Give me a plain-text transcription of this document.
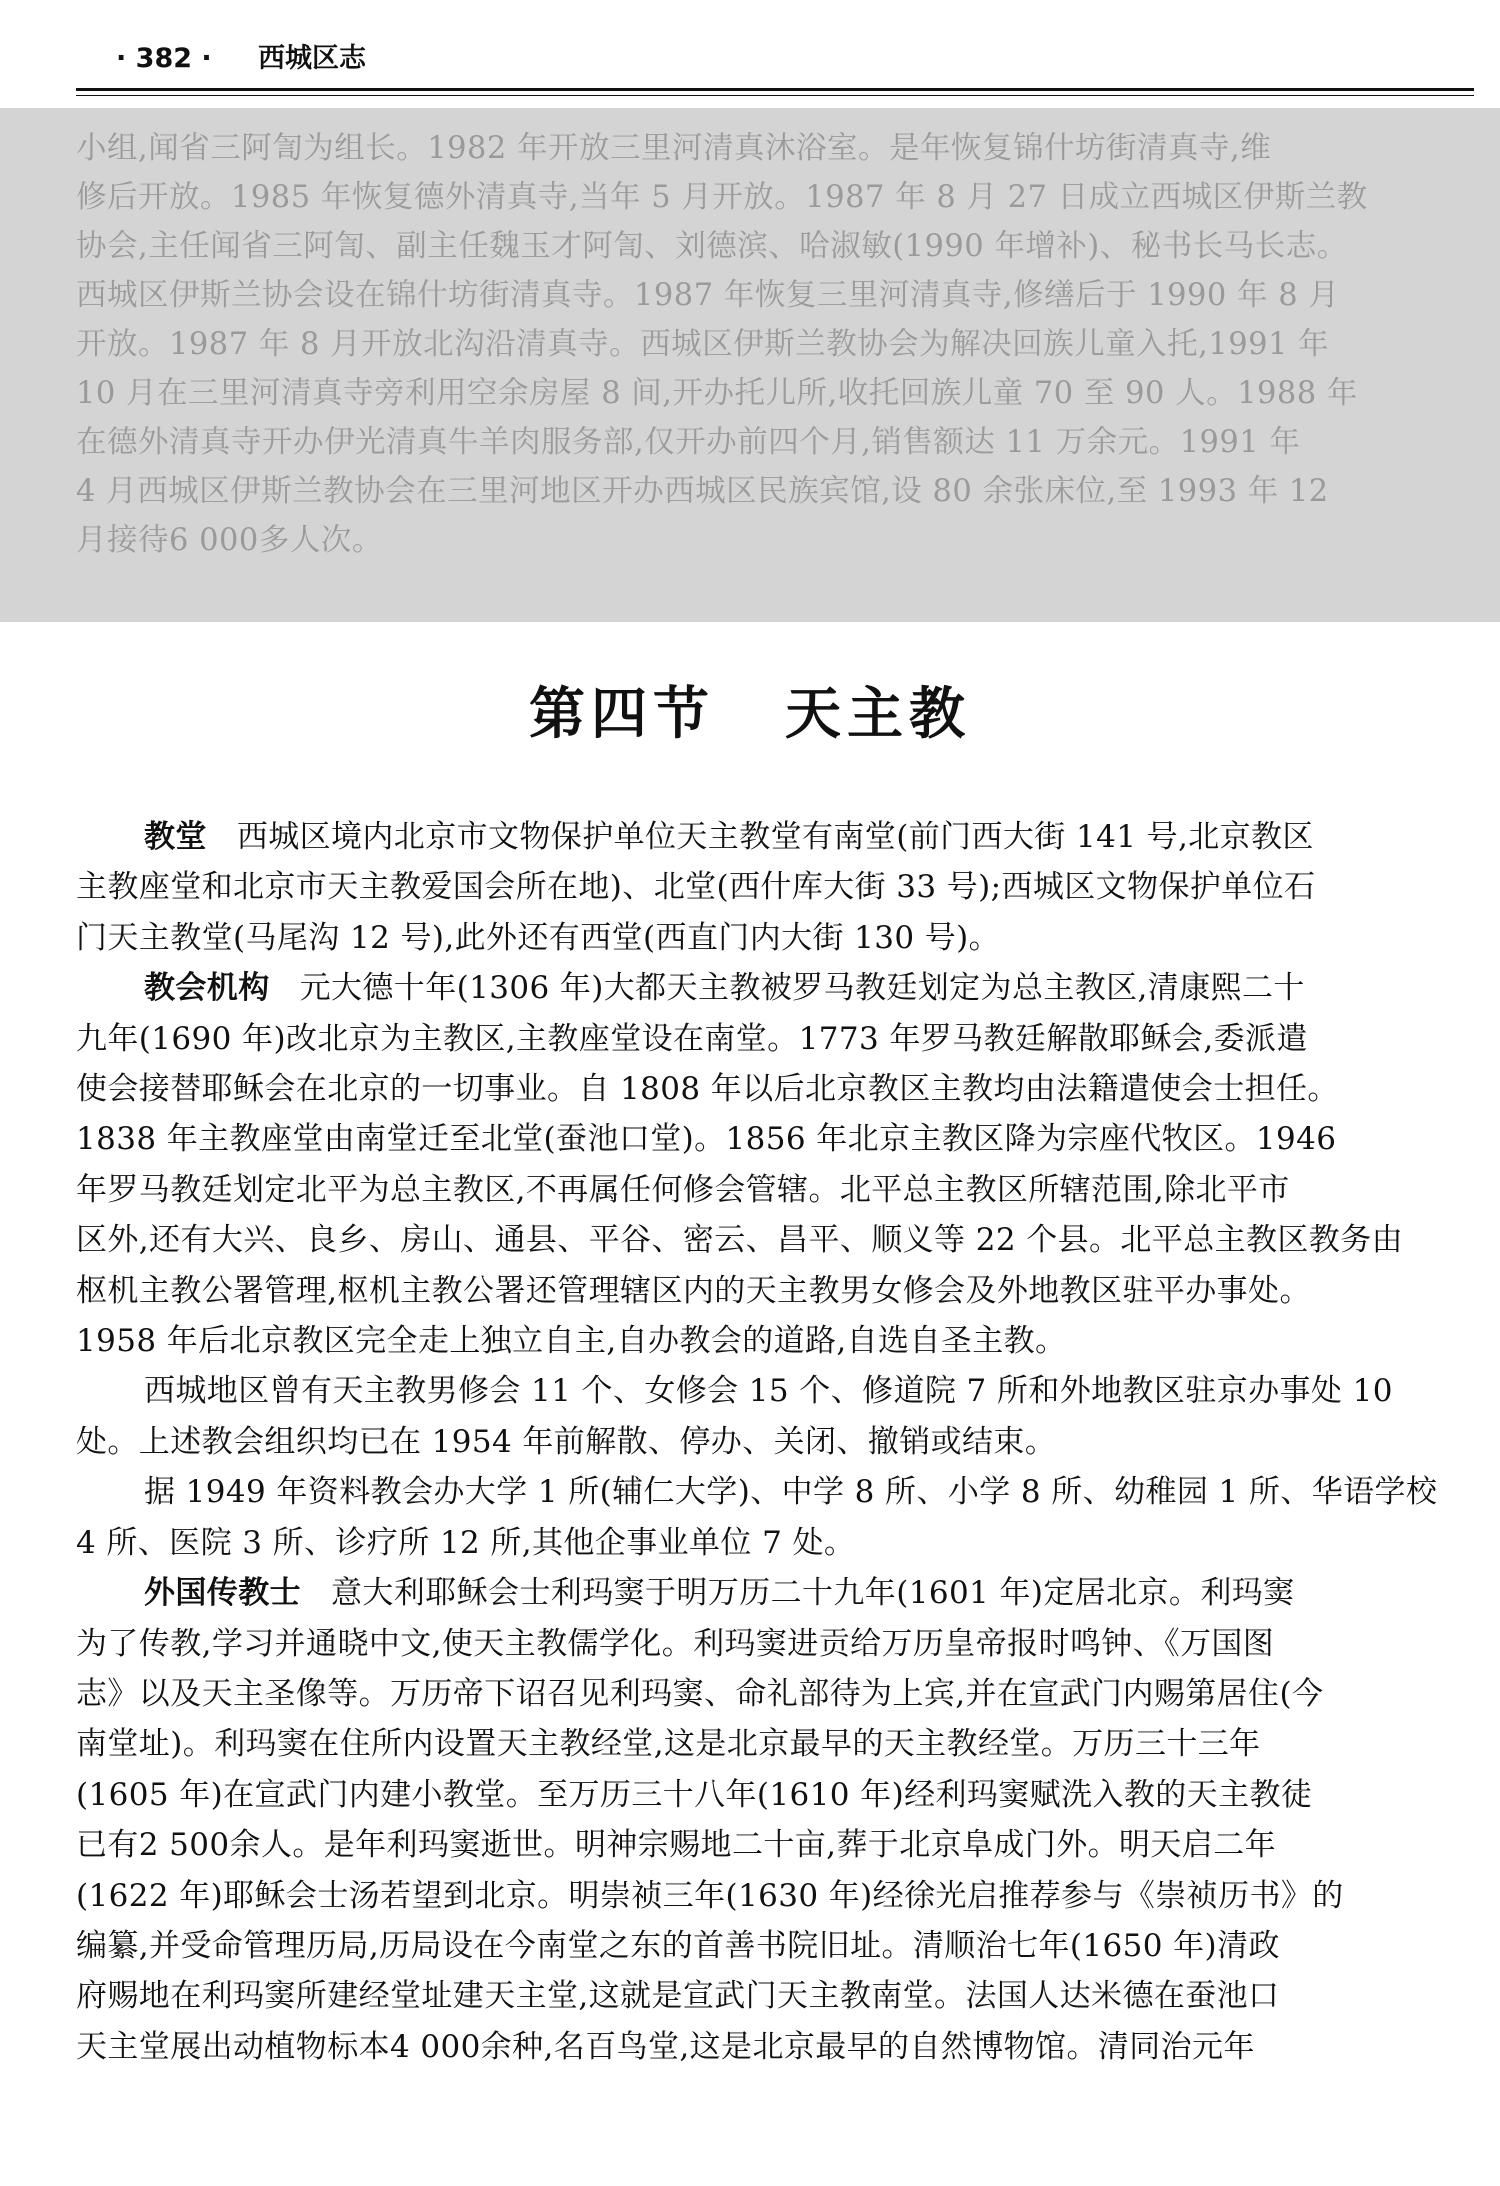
· 382 · 西城区志
小组,闻省三阿訇为组长。1982 年开放三里河清真沐浴室。是年恢复锦什坊街清真寺,维
修后开放。1985 年恢复德外清真寺,当年 5 月开放。1987 年 8 月 27 日成立西城区伊斯兰教
协会,主任闻省三阿訇、副主任魏玉才阿訇、刘德滨、哈淑敏(1990 年增补)、秘书长马长志。
西城区伊斯兰协会设在锦什坊街清真寺。1987 年恢复三里河清真寺,修缮后于 1990 年 8 月
开放。1987 年 8 月开放北沟沿清真寺。西城区伊斯兰教协会为解决回族儿童入托,1991 年
10 月在三里河清真寺旁利用空余房屋 8 间,开办托儿所,收托回族儿童 70 至 90 人。1988 年
在德外清真寺开办伊光清真牛羊肉服务部,仅开办前四个月,销售额达 11 万余元。1991 年
4 月西城区伊斯兰教协会在三里河地区开办西城区民族宾馆,设 80 余张床位,至 1993 年 12
月接待6 000多人次。
第四节 天主教
教堂 西城区境内北京市文物保护单位天主教堂有南堂(前门西大街 141 号,北京教区
主教座堂和北京市天主教爱国会所在地)、北堂(西什库大街 33 号);西城区文物保护单位石
门天主教堂(马尾沟 12 号),此外还有西堂(西直门内大街 130 号)。
教会机构 元大德十年(1306 年)大都天主教被罗马教廷划定为总主教区,清康熙二十
九年(1690 年)改北京为主教区,主教座堂设在南堂。1773 年罗马教廷解散耶稣会,委派遣
使会接替耶稣会在北京的一切事业。自 1808 年以后北京教区主教均由法籍遣使会士担任。
1838 年主教座堂由南堂迁至北堂(蚕池口堂)。1856 年北京主教区降为宗座代牧区。1946
年罗马教廷划定北平为总主教区,不再属任何修会管辖。北平总主教区所辖范围,除北平市
区外,还有大兴、良乡、房山、通县、平谷、密云、昌平、顺义等 22 个县。北平总主教区教务由
枢机主教公署管理,枢机主教公署还管理辖区内的天主教男女修会及外地教区驻平办事处。
1958 年后北京教区完全走上独立自主,自办教会的道路,自选自圣主教。
西城地区曾有天主教男修会 11 个、女修会 15 个、修道院 7 所和外地教区驻京办事处 10
处。上述教会组织均已在 1954 年前解散、停办、关闭、撤销或结束。
据 1949 年资料教会办大学 1 所(辅仁大学)、中学 8 所、小学 8 所、幼稚园 1 所、华语学校
4 所、医院 3 所、诊疗所 12 所,其他企事业单位 7 处。
外国传教士 意大利耶稣会士利玛窦于明万历二十九年(1601 年)定居北京。利玛窦
为了传教,学习并通晓中文,使天主教儒学化。利玛窦进贡给万历皇帝报时鸣钟、《万国图
志》以及天主圣像等。万历帝下诏召见利玛窦、命礼部待为上宾,并在宣武门内赐第居住(今
南堂址)。利玛窦在住所内设置天主教经堂,这是北京最早的天主教经堂。万历三十三年
(1605 年)在宣武门内建小教堂。至万历三十八年(1610 年)经利玛窦赋洗入教的天主教徒
已有2 500余人。是年利玛窦逝世。明神宗赐地二十亩,葬于北京阜成门外。明天启二年
(1622 年)耶稣会士汤若望到北京。明崇祯三年(1630 年)经徐光启推荐参与《崇祯历书》的
编纂,并受命管理历局,历局设在今南堂之东的首善书院旧址。清顺治七年(1650 年)清政
府赐地在利玛窦所建经堂址建天主堂,这就是宣武门天主教南堂。法国人达米德在蚕池口
天主堂展出动植物标本4 000余种,名百鸟堂,这是北京最早的自然博物馆。清同治元年
